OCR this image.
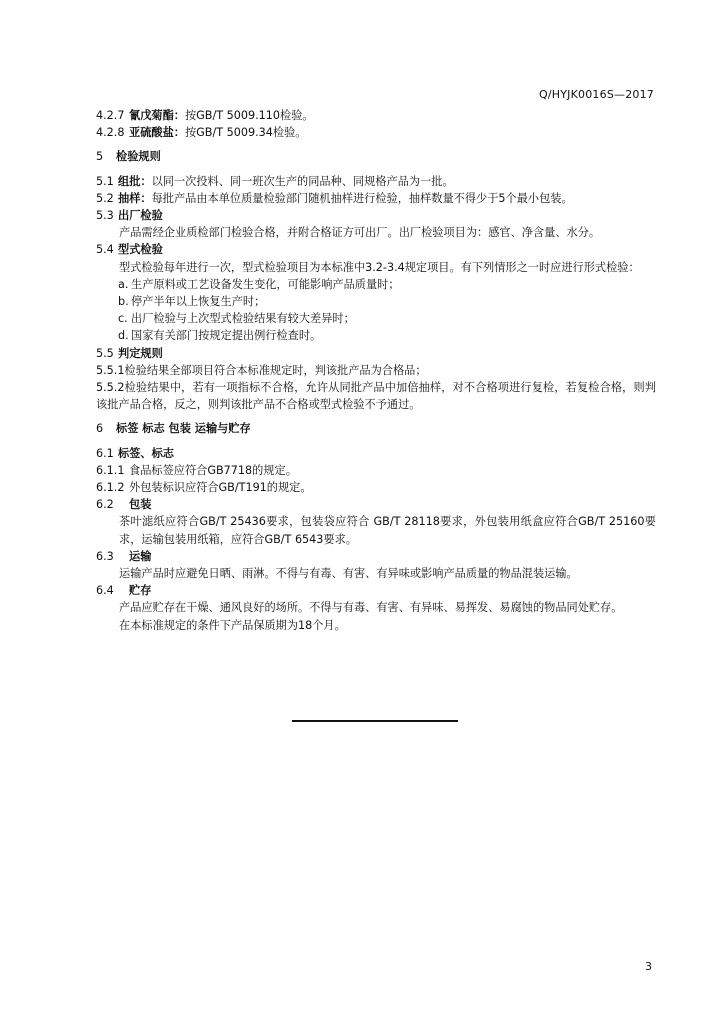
Q/HYJK0016S—2017
4.2.7 氰戊菊酯：按GB/T 5009.110检验。
4.2.8 亚硫酸盐：按GB/T 5009.34检验。
5 检验规则
5.1 组批：以同一次投料、同一班次生产的同品种、同规格产品为一批。
5.2 抽样：每批产品由本单位质量检验部门随机抽样进行检验，抽样数量不得少于5个最小包装。
5.3 出厂检验
产品需经企业质检部门检验合格，并附合格证方可出厂。出厂检验项目为：感官、净含量、水分。
5.4 型式检验
型式检验每年进行一次，型式检验项目为本标准中3.2-3.4规定项目。有下列情形之一时应进行形式检验：
a. 生产原料或工艺设备发生变化，可能影响产品质量时；
b. 停产半年以上恢复生产时；
c. 出厂检验与上次型式检验结果有较大差异时；
d. 国家有关部门按规定提出例行检查时。
5.5 判定规则
5.5.1检验结果全部项目符合本标准规定时，判该批产品为合格品；
5.5.2检验结果中，若有一项指标不合格，允许从同批产品中加倍抽样，对不合格项进行复检，若复检合格，则判该批产品合格，反之，则判该批产品不合格或型式检验不予通过。
6 标签 标志 包装 运输与贮存
6.1 标签、标志
6.1.1 食品标签应符合GB7718的规定。
6.1.2 外包装标识应符合GB/T191的规定。
6.2 包装
茶叶滤纸应符合GB/T 25436要求，包装袋应符合 GB/T 28118要求，外包装用纸盒应符合GB/T 25160要求，运输包装用纸箱，应符合GB/T 6543要求。
6.3 运输
运输产品时应避免日晒、雨淋。不得与有毒、有害、有异味或影响产品质量的物品混装运输。
6.4 贮存
产品应贮存在干燥、通风良好的场所。不得与有毒、有害、有异味、易挥发、易腐蚀的物品同处贮存。
在本标准规定的条件下产品保质期为18个月。
3
